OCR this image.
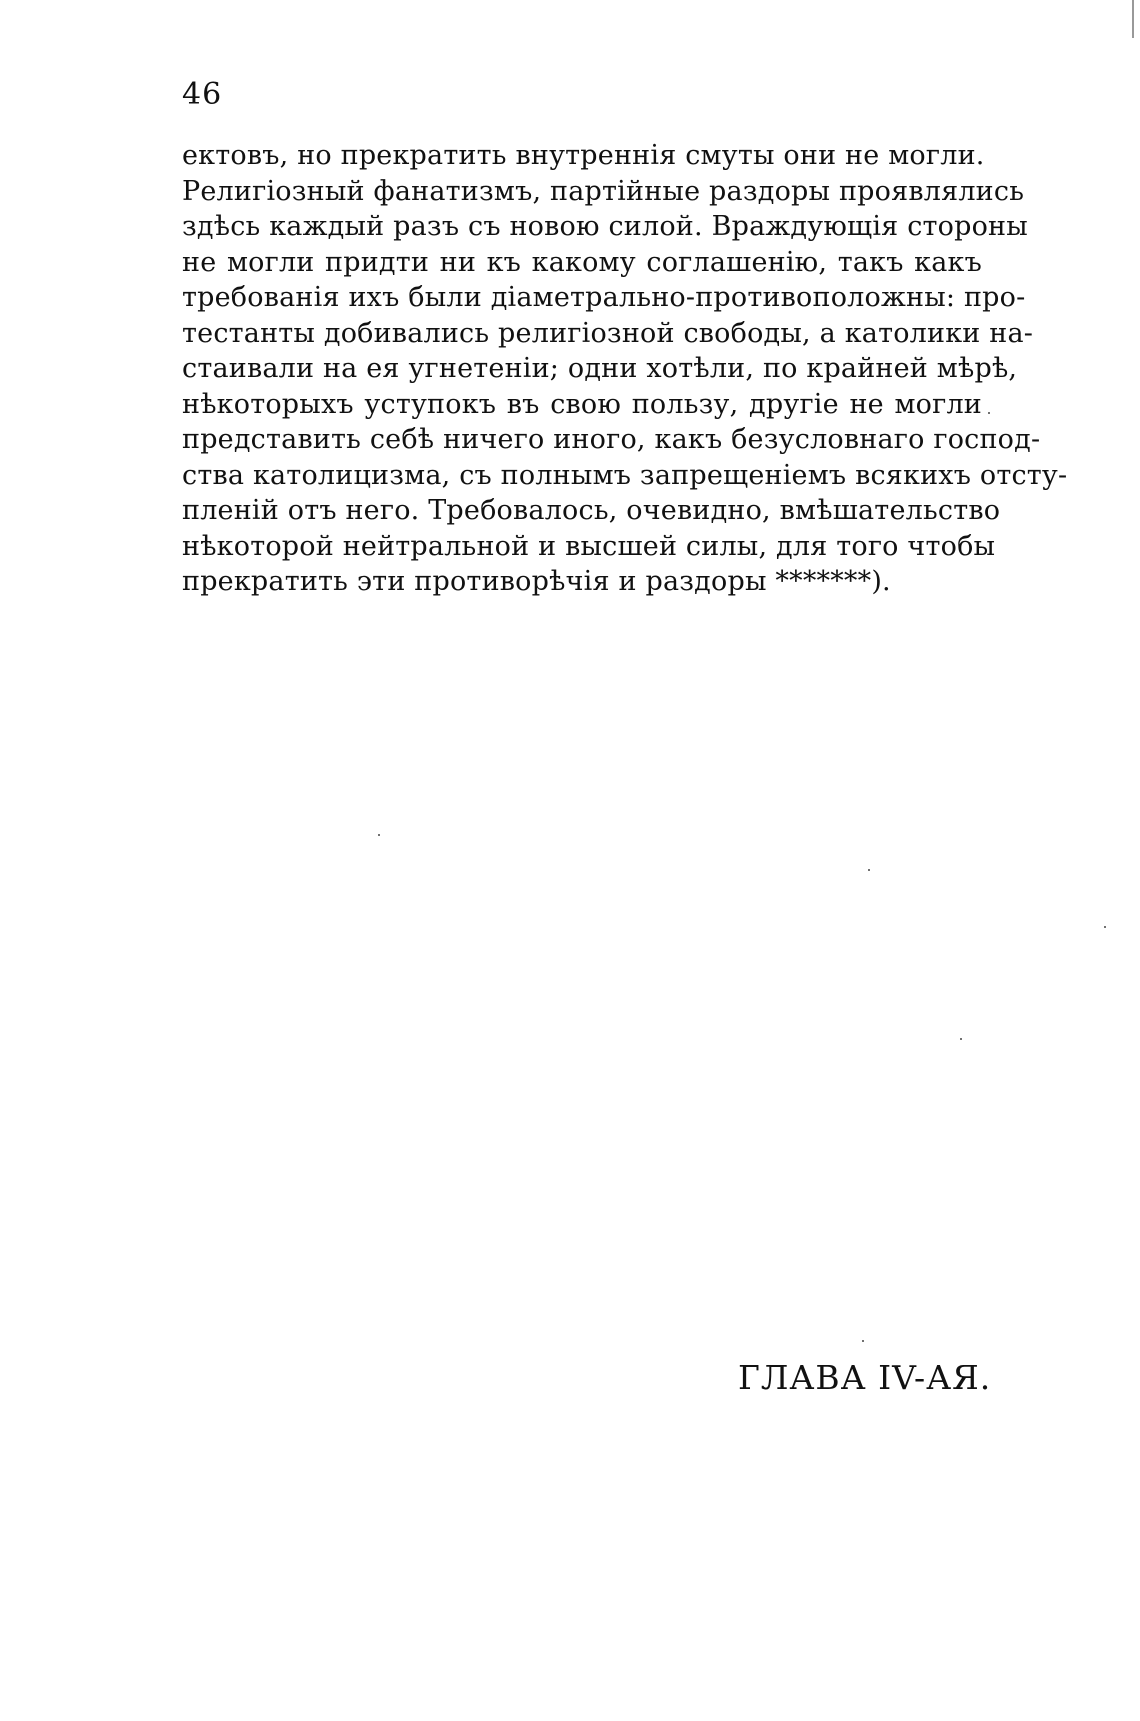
46
ектовъ, но прекратить внутреннія смуты они не могли.
Религіозный фанатизмъ, партійные раздоры проявлялись
здѣсь каждый разъ съ новою силой. Враждующія стороны
не могли придти ни къ какому соглашенію, такъ какъ
требованія ихъ были діаметрально-противоположны: про-
тестанты добивались религіозной свободы, а католики на-
стаивали на ея угнетеніи; одни хотѣли, по крайней мѣрѣ,
нѣкоторыхъ уступокъ въ свою пользу, другіе не могли
представить себѣ ничего иного, какъ безусловнаго господ-
ства католицизма, съ полнымъ запрещеніемъ всякихъ отсту-
пленій отъ него. Требовалось, очевидно, вмѣшательство
нѣкоторой нейтральной и высшей силы, для того чтобы
прекратить эти противорѣчія и раздоры *******).
ГЛАВА IV-АЯ.
